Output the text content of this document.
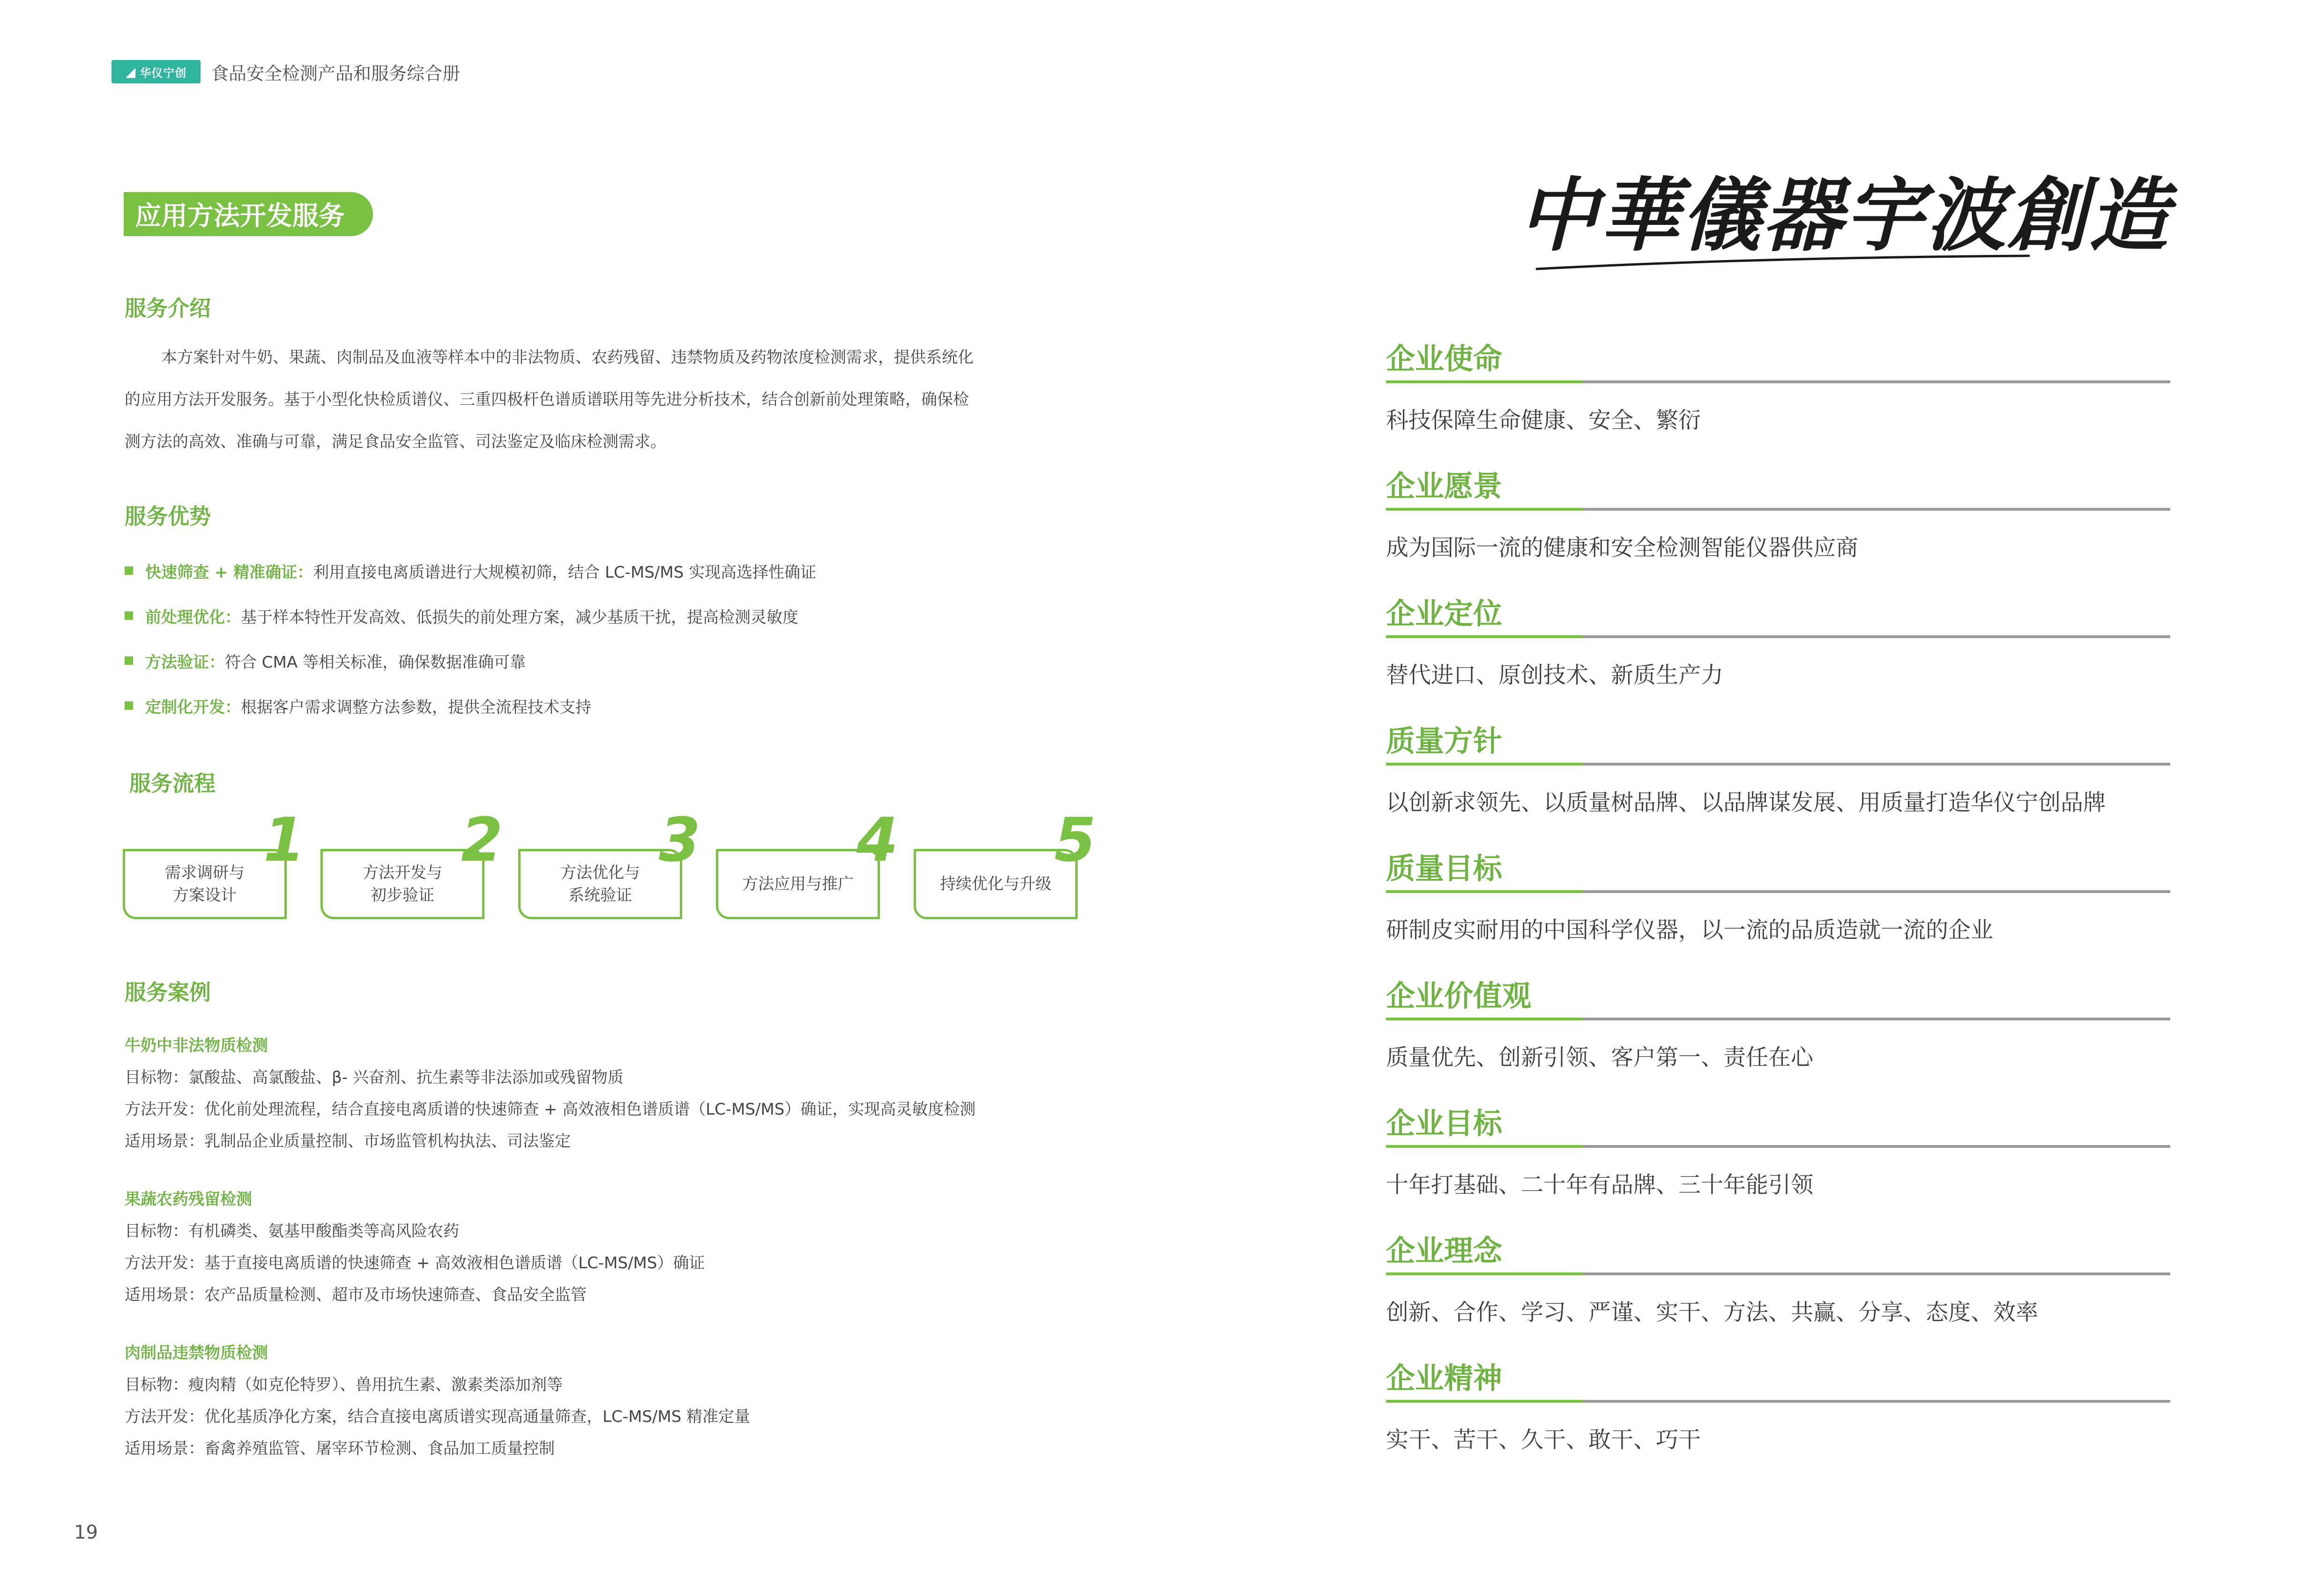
◢ 华仪宁创 食品安全检测产品和服务综合册
应用方法开发服务
服务介绍
本方案针对牛奶、果蔬、肉制品及血液等样本中的非法物质、农药残留、违禁物质及药物浓度检测需求，提供系统化
的应用方法开发服务。基于小型化快检质谱仪、三重四极杆色谱质谱联用等先进分析技术，结合创新前处理策略，确保检
测方法的高效、准确与可靠，满足食品安全监管、司法鉴定及临床检测需求。
服务优势
快速筛查 + 精准确证： 利用直接电离质谱进行大规模初筛，结合 LC-MS/MS 实现高选择性确证
前处理优化： 基于样本特性开发高效、低损失的前处理方案，减少基质干扰，提高检测灵敏度
方法验证： 符合 CMA 等相关标准，确保数据准确可靠
定制化开发： 根据客户需求调整方法参数，提供全流程技术支持
服务流程
需求调研与
方案设计
1	方法开发与
初步验证
2	方法优化与
系统验证
3
方法应用与推广
4
持续优化与升级
5
服务案例
牛奶中非法物质检测
目标物：氯酸盐、高氯酸盐、β- 兴奋剂、抗生素等非法添加或残留物质
方法开发：优化前处理流程，结合直接电离质谱的快速筛查 + 高效液相色谱质谱（LC-MS/MS）确证，实现高灵敏度检测
适用场景：乳制品企业质量控制、市场监管机构执法、司法鉴定
果蔬农药残留检测
目标物：有机磷类、氨基甲酸酯类等高风险农药
方法开发：基于直接电离质谱的快速筛查 + 高效液相色谱质谱（LC-MS/MS）确证
适用场景：农产品质量检测、超市及市场快速筛查、食品安全监管
肉制品违禁物质检测
目标物：瘦肉精（如克伦特罗）、兽用抗生素、激素类添加剂等
方法开发：优化基质净化方案，结合直接电离质谱实现高通量筛查，LC-MS/MS 精准定量
适用场景：畜禽养殖监管、屠宰环节检测、食品加工质量控制
19
中華儀器宇波創造
企业使命
科技保障生命健康、安全、繁衍
企业愿景
成为国际一流的健康和安全检测智能仪器供应商
企业定位
替代进口、原创技术、新质生产力
质量方针
以创新求领先、以质量树品牌、以品牌谋发展、用质量打造华仪宁创品牌
质量目标
研制皮实耐用的中国科学仪器，以一流的品质造就一流的企业
企业价值观
质量优先、创新引领、客户第一、责任在心
企业目标
十年打基础、二十年有品牌、三十年能引领
企业理念
创新、合作、学习、严谨、实干、方法、共赢、分享、态度、效率
企业精神
实干、苦干、久干、敢干、巧干
